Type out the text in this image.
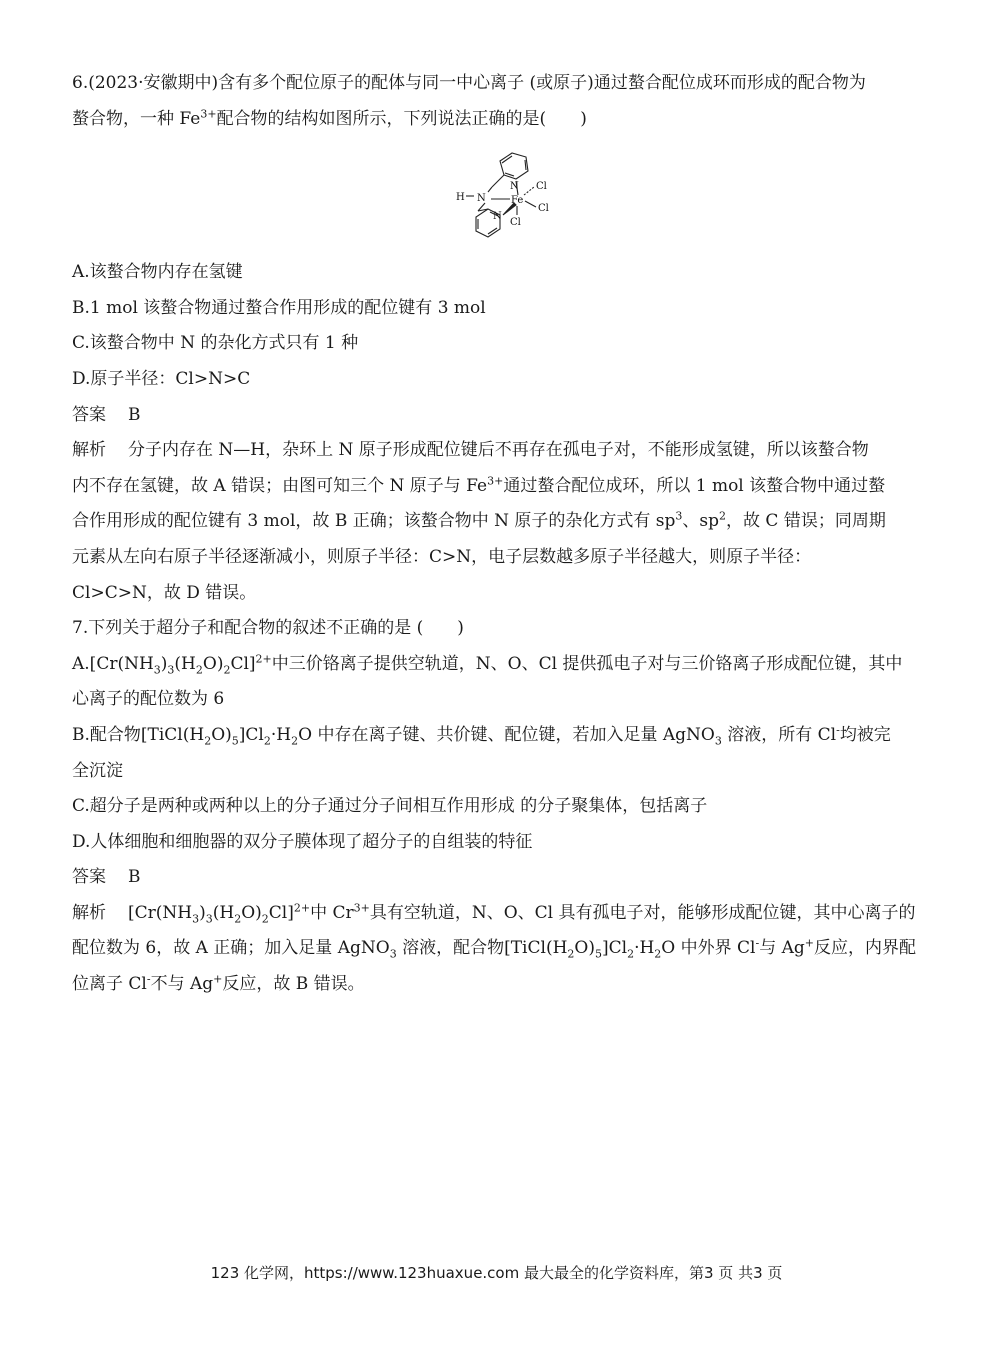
6.(2023·安徽期中)含有多个配位原子的配体与同一中心离子 (或原子)通过螯合配位成环而形成的配合物为
螯合物，一种 $Fe^{3+}$配合物的结构如图所示，下列说法正确的是(　　)
H N
N
N
Fe
Cl
Cl
Cl
A.该螯合物内存在氢键
B.1 mol 该螯合物通过螯合作用形成的配位键有 3 mol
C.该螯合物中 N 的杂化方式只有 1 种
D.原子半径：Cl>N>C
答案 B
解析 分子内存在 N—H，杂环上 N 原子形成配位键后不再存在孤电子对，不能形成氢键，所以该螯合物
内不存在氢键，故 A 错误；由图可知三个 N 原子与 $Fe^{3+}$通过螯合配位成环，所以 1 mol 该螯合物中通过螯
合作用形成的配位键有 3 mol，故 B 正确；该螯合物中 N 原子的杂化方式有 $sp^3$、$sp^2$，故 C 错误；同周期
元素从左向右原子半径逐渐减小，则原子半径：C>N，电子层数越多原子半径越大，则原子半径：
Cl>C>N，故 D 错误。
7.下列关于超分子和配合物的叙述不正确的是 (　　)
$A.[Cr(NH_3)_3(H_2O)_2Cl]^{2+}$中三价铬离子提供空轨道，N、O、Cl 提供孤电子对与三价铬离子形成配位键，其中
心离子的配位数为 6
B.配合物$[TiCl(H_2O)_5]Cl_2\cdot H_2O$ 中存在离子键、共价键、配位键，若加入足量 AgNO$_3$ 溶液，所有 Cl-均被完
全沉淀
C.超分子是两种或两种以上的分子通过分子间相互作用形成 的分子聚集体，包括离子
D.人体细胞和细胞器的双分子膜体现了超分子的自组装的特征
答案 B
解析 $[Cr(NH_3)_3(H_2O)_2Cl]^{2+}$中 $Cr^{3+}$具有空轨道，N、O、Cl 具有孤电子对，能够形成配位键，其中心离子的
配位数为 6，故 A 正确；加入足量 AgNO$_3$ 溶液，配合物$[TiCl(H_2O)_5]Cl_2\cdot H_2O$ 中外界 Cl-与 Ag+反应，内界配
位离子 Cl-不与 Ag+反应，故 B 错误。
123 化学网，https://www.123huaxue.com 最大最全的化学资料库，第3 页 共3 页
